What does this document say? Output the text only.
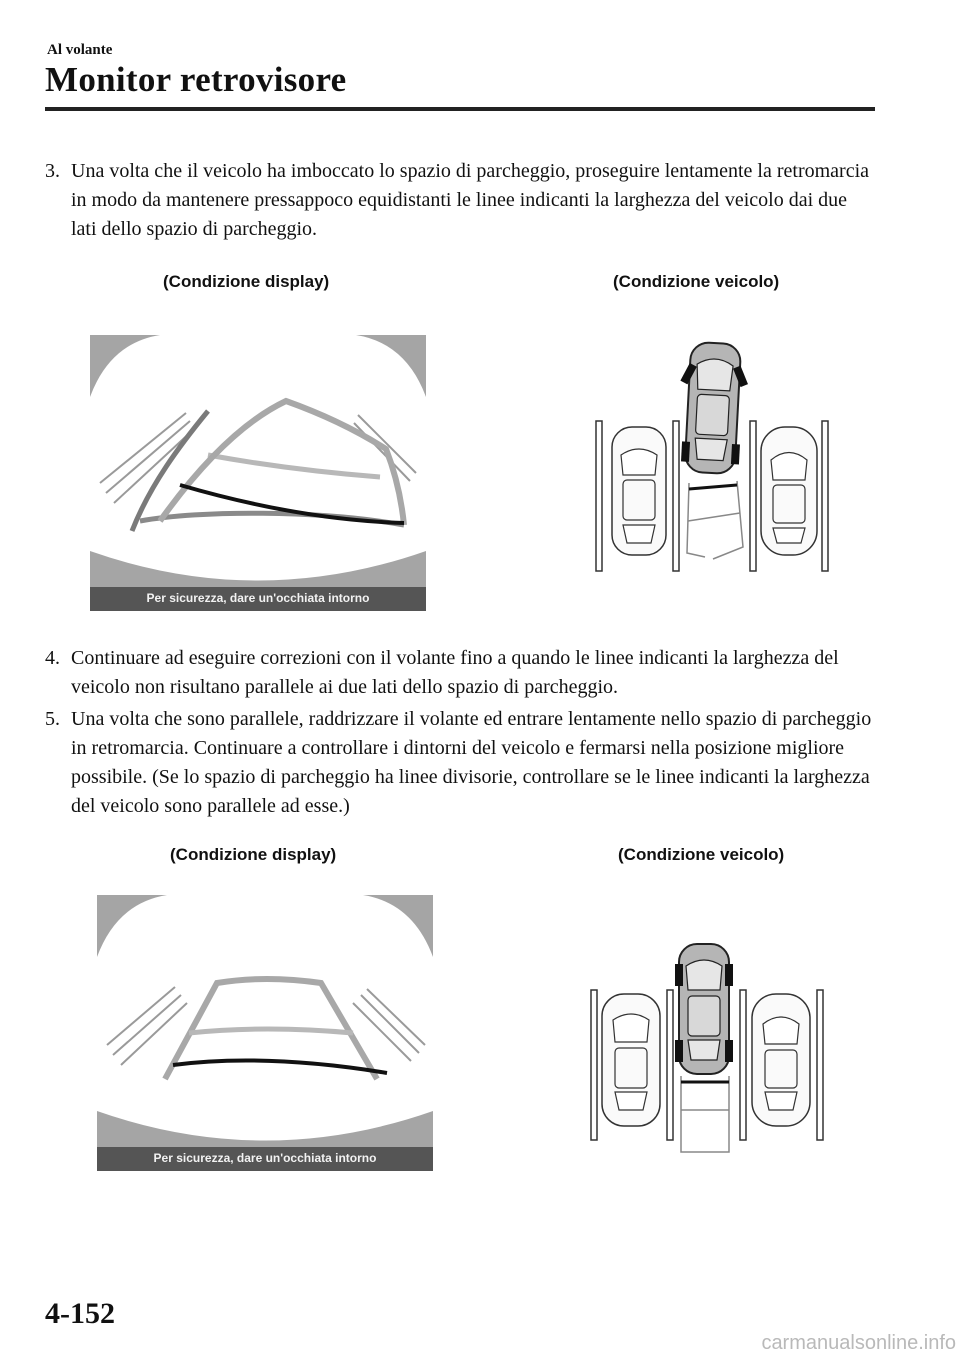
Al volante
Monitor retrovisore
3. Una volta che il veicolo ha imboccato lo spazio di parcheggio, proseguire lentamente la retromarcia in modo da mantenere pressappoco equidistanti le linee indicanti la larghezza del veicolo dai due lati dello spazio di parcheggio.
(Condizione display)	(Condizione veicolo)
Per sicurezza, dare un'occhiata intorno
4. Continuare ad eseguire correzioni con il volante fino a quando le linee indicanti la larghezza del veicolo non risultano parallele ai due lati dello spazio di parcheggio.
5. Una volta che sono parallele, raddrizzare il volante ed entrare lentamente nello spazio di parcheggio in retromarcia. Continuare a controllare i dintorni del veicolo e fermarsi nella posizione migliore possibile. (Se lo spazio di parcheggio ha linee divisorie, controllare se le linee indicanti la larghezza del veicolo sono parallele ad esse.)
(Condizione display)	(Condizione veicolo)
Per sicurezza, dare un'occhiata intorno
4-152
carmanualsonline.info
